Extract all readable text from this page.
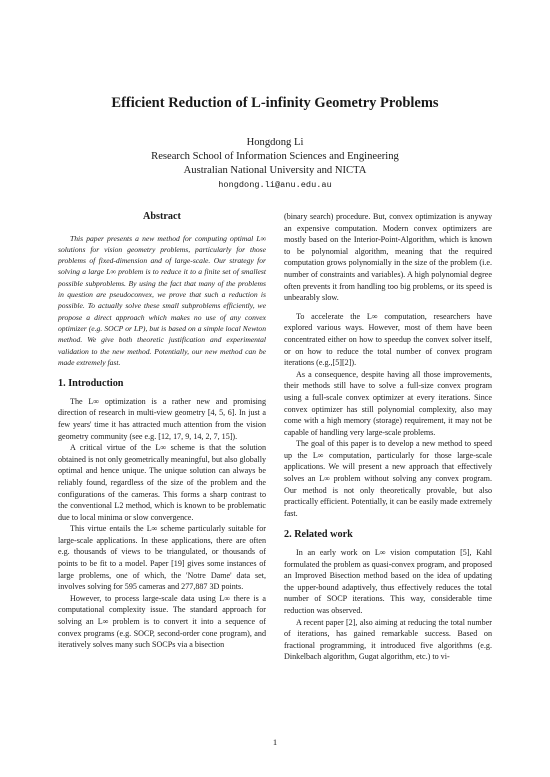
Efficient Reduction of L-infinity Geometry Problems
Hongdong Li
Research School of Information Sciences and Engineering
Australian National University and NICTA
hongdong.li@anu.edu.au
Abstract

This paper presents a new method for computing optimal L∞ solutions for vision geometry problems, particularly for those problems of fixed-dimension and of large-scale. Our strategy for solving a large L∞ problem is to reduce it to a finite set of smallest possible subproblems. By using the fact that many of the problems in question are pseudoconvex, we prove that such a reduction is possible. To actually solve these small subproblems efficiently, we propose a direct approach which makes no use of any convex optimizer (e.g. SOCP or LP), but is based on a simple local Newton method. We give both theoretic justification and experimental validation to the new method. Potentially, our new method can be made extremely fast.

1. Introduction

The L∞ optimization is a rather new and promising direction of research in multi-view geometry [4, 5, 6]. In just a few years' time it has attracted much attention from the vision geometry community (see e.g. [12, 17, 9, 14, 2, 7, 15]).

A critical virtue of the L∞ scheme is that the solution obtained is not only geometrically meaningful, but also globally optimal and hence unique. The unique solution can always be reliably found, regardless of the size of the problem and the configurations of the cameras. This forms a sharp contrast to the conventional L2 method, which is known to be problematic due to local minima or slow convergence.

This virtue entails the L∞ scheme particularly suitable for large-scale applications. In these applications, there are often e.g. thousands of views to be triangulated, or thousands of points to be fit to a model. Paper [19] gives some instances of large problems, one of which, the 'Notre Dame' data set, involves solving for 595 cameras and 277,887 3D points.

However, to process large-scale data using L∞ there is a computational complexity issue. The standard approach for solving an L∞ problem is to convert it into a sequence of convex programs (e.g. SOCP, second-order cone program), and iteratively solves many such SOCPs via a bisection

(binary search) procedure. But, convex optimization is anyway an expensive computation. Modern convex optimizers are mostly based on the Interior-Point-Algorithm, which is known to be polynomial algorithm, meaning that the required computation grows polynomially in the size of the problem (i.e. number of constraints and variables). A high polynomial degree often prevents it from handling too big problems, or its speed is unbearably slow.

To accelerate the L∞ computation, researchers have explored various ways. However, most of them have been concentrated either on how to speedup the convex solver itself, or on how to reduce the total number of convex program iterations (e.g.,[5][2]).

As a consequence, despite having all those improvements, their methods still have to solve a full-size convex program using a full-scale convex optimizer at every iterations. Since convex optimizer has still polynomial complexity, also may come with a high memory (storage) requirement, it may not be capable of handling very large-scale problems.

The goal of this paper is to develop a new method to speed up the L∞ computation, particularly for those large-scale applications. We will present a new approach that effectively solves an L∞ problem without solving any convex program. Our method is not only theoretically provable, but also practically efficient. Potentially, it can be easily made extremely fast.

2. Related work

In an early work on L∞ vision computation [5], Kahl formulated the problem as quasi-convex program, and proposed an Improved Bisection method based on the idea of updating the upper-bound adaptively, thus effectively reduces the total number of SOCP iterations. This way, considerable time reduction was observed.

A recent paper [2], also aiming at reducing the total number of iterations, has gained remarkable success. Based on fractional programming, it introduced five algorithms (e.g. Dinkelbach algorithm, Gugat algorithm, etc.) to vi-

1
